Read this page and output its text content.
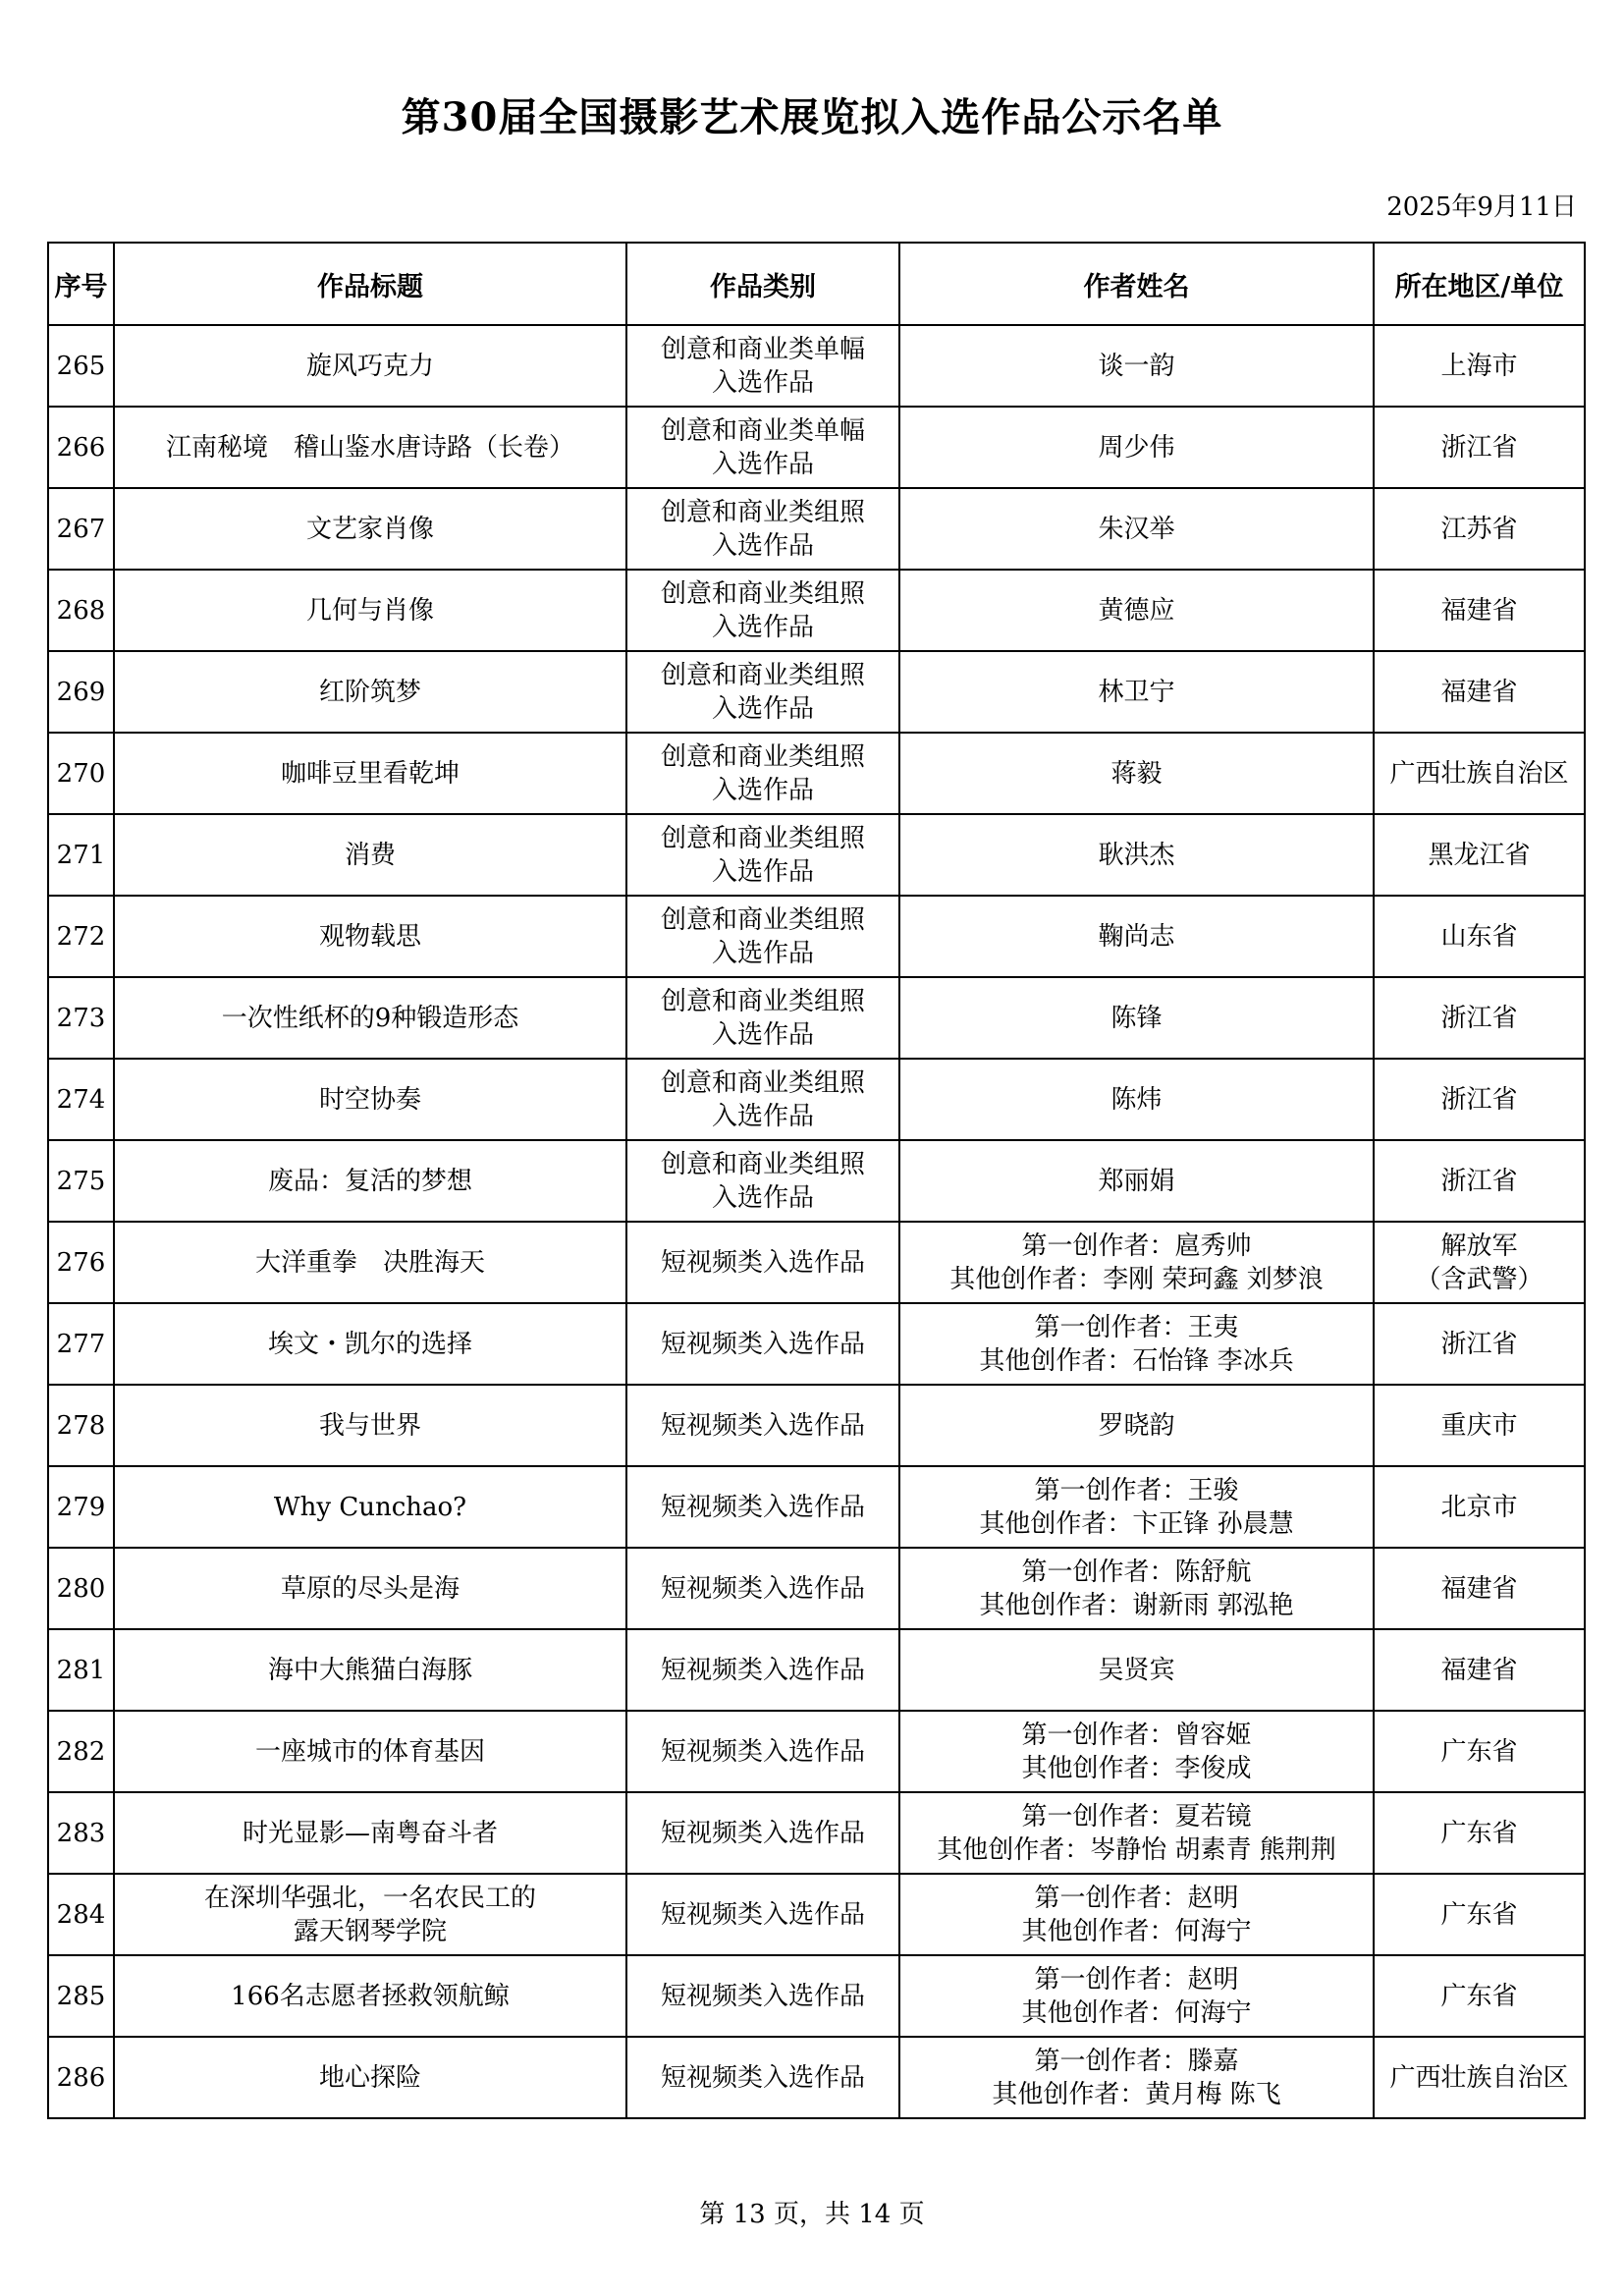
第30届全国摄影艺术展览拟入选作品公示名单
2025年9月11日
序号	作品标题	作品类别	作者姓名	所在地区/单位
265	旋风巧克力	创意和商业类单幅
入选作品	谈一韵	上海市

266	江南秘境　稽山鉴水唐诗路（长卷）	创意和商业类单幅
入选作品	周少伟	浙江省

267	文艺家肖像	创意和商业类组照
入选作品	朱汉举	江苏省

268	几何与肖像	创意和商业类组照
入选作品	黄德应	福建省

269	红阶筑梦	创意和商业类组照
入选作品	林卫宁	福建省

270	咖啡豆里看乾坤	创意和商业类组照
入选作品	蒋毅	广西壮族自治区

271	消费	创意和商业类组照
入选作品	耿洪杰	黑龙江省

272	观物载思	创意和商业类组照
入选作品	鞠尚志	山东省

273	一次性纸杯的9种锻造形态	创意和商业类组照
入选作品	陈锋	浙江省

274	时空协奏	创意和商业类组照
入选作品	陈炜	浙江省

275	废品：复活的梦想	创意和商业类组照
入选作品	郑丽娟	浙江省

276	大洋重拳　决胜海天	短视频类入选作品	第一创作者：扈秀帅
其他创作者：李刚 荣珂鑫 刘梦浪	解放军
（含武警）

277	埃文・凯尔的选择	短视频类入选作品	第一创作者：王夷
其他创作者：石怡锋 李冰兵	浙江省

278	我与世界	短视频类入选作品	罗晓韵	重庆市

279	Why Cunchao?	短视频类入选作品	第一创作者：王骏
其他创作者：卞正锋 孙晨慧	北京市

280	草原的尽头是海	短视频类入选作品	第一创作者：陈舒航
其他创作者：谢新雨 郭泓艳	福建省

281	海中大熊猫白海豚	短视频类入选作品	吴贤宾	福建省

282	一座城市的体育基因	短视频类入选作品	第一创作者：曾容姬
其他创作者：李俊成	广东省

283	时光显影—南粤奋斗者	短视频类入选作品	第一创作者：夏若镜
其他创作者：岑静怡 胡素青 熊荆荆	广东省

284	在深圳华强北，一名农民工的
露天钢琴学院	短视频类入选作品	第一创作者：赵明
其他创作者：何海宁	广东省

285	166名志愿者拯救领航鲸	短视频类入选作品	第一创作者：赵明
其他创作者：何海宁	广东省

286	地心探险	短视频类入选作品	第一创作者：滕嘉
其他创作者：黄月梅 陈飞	广西壮族自治区
第 13 页，共 14 页
